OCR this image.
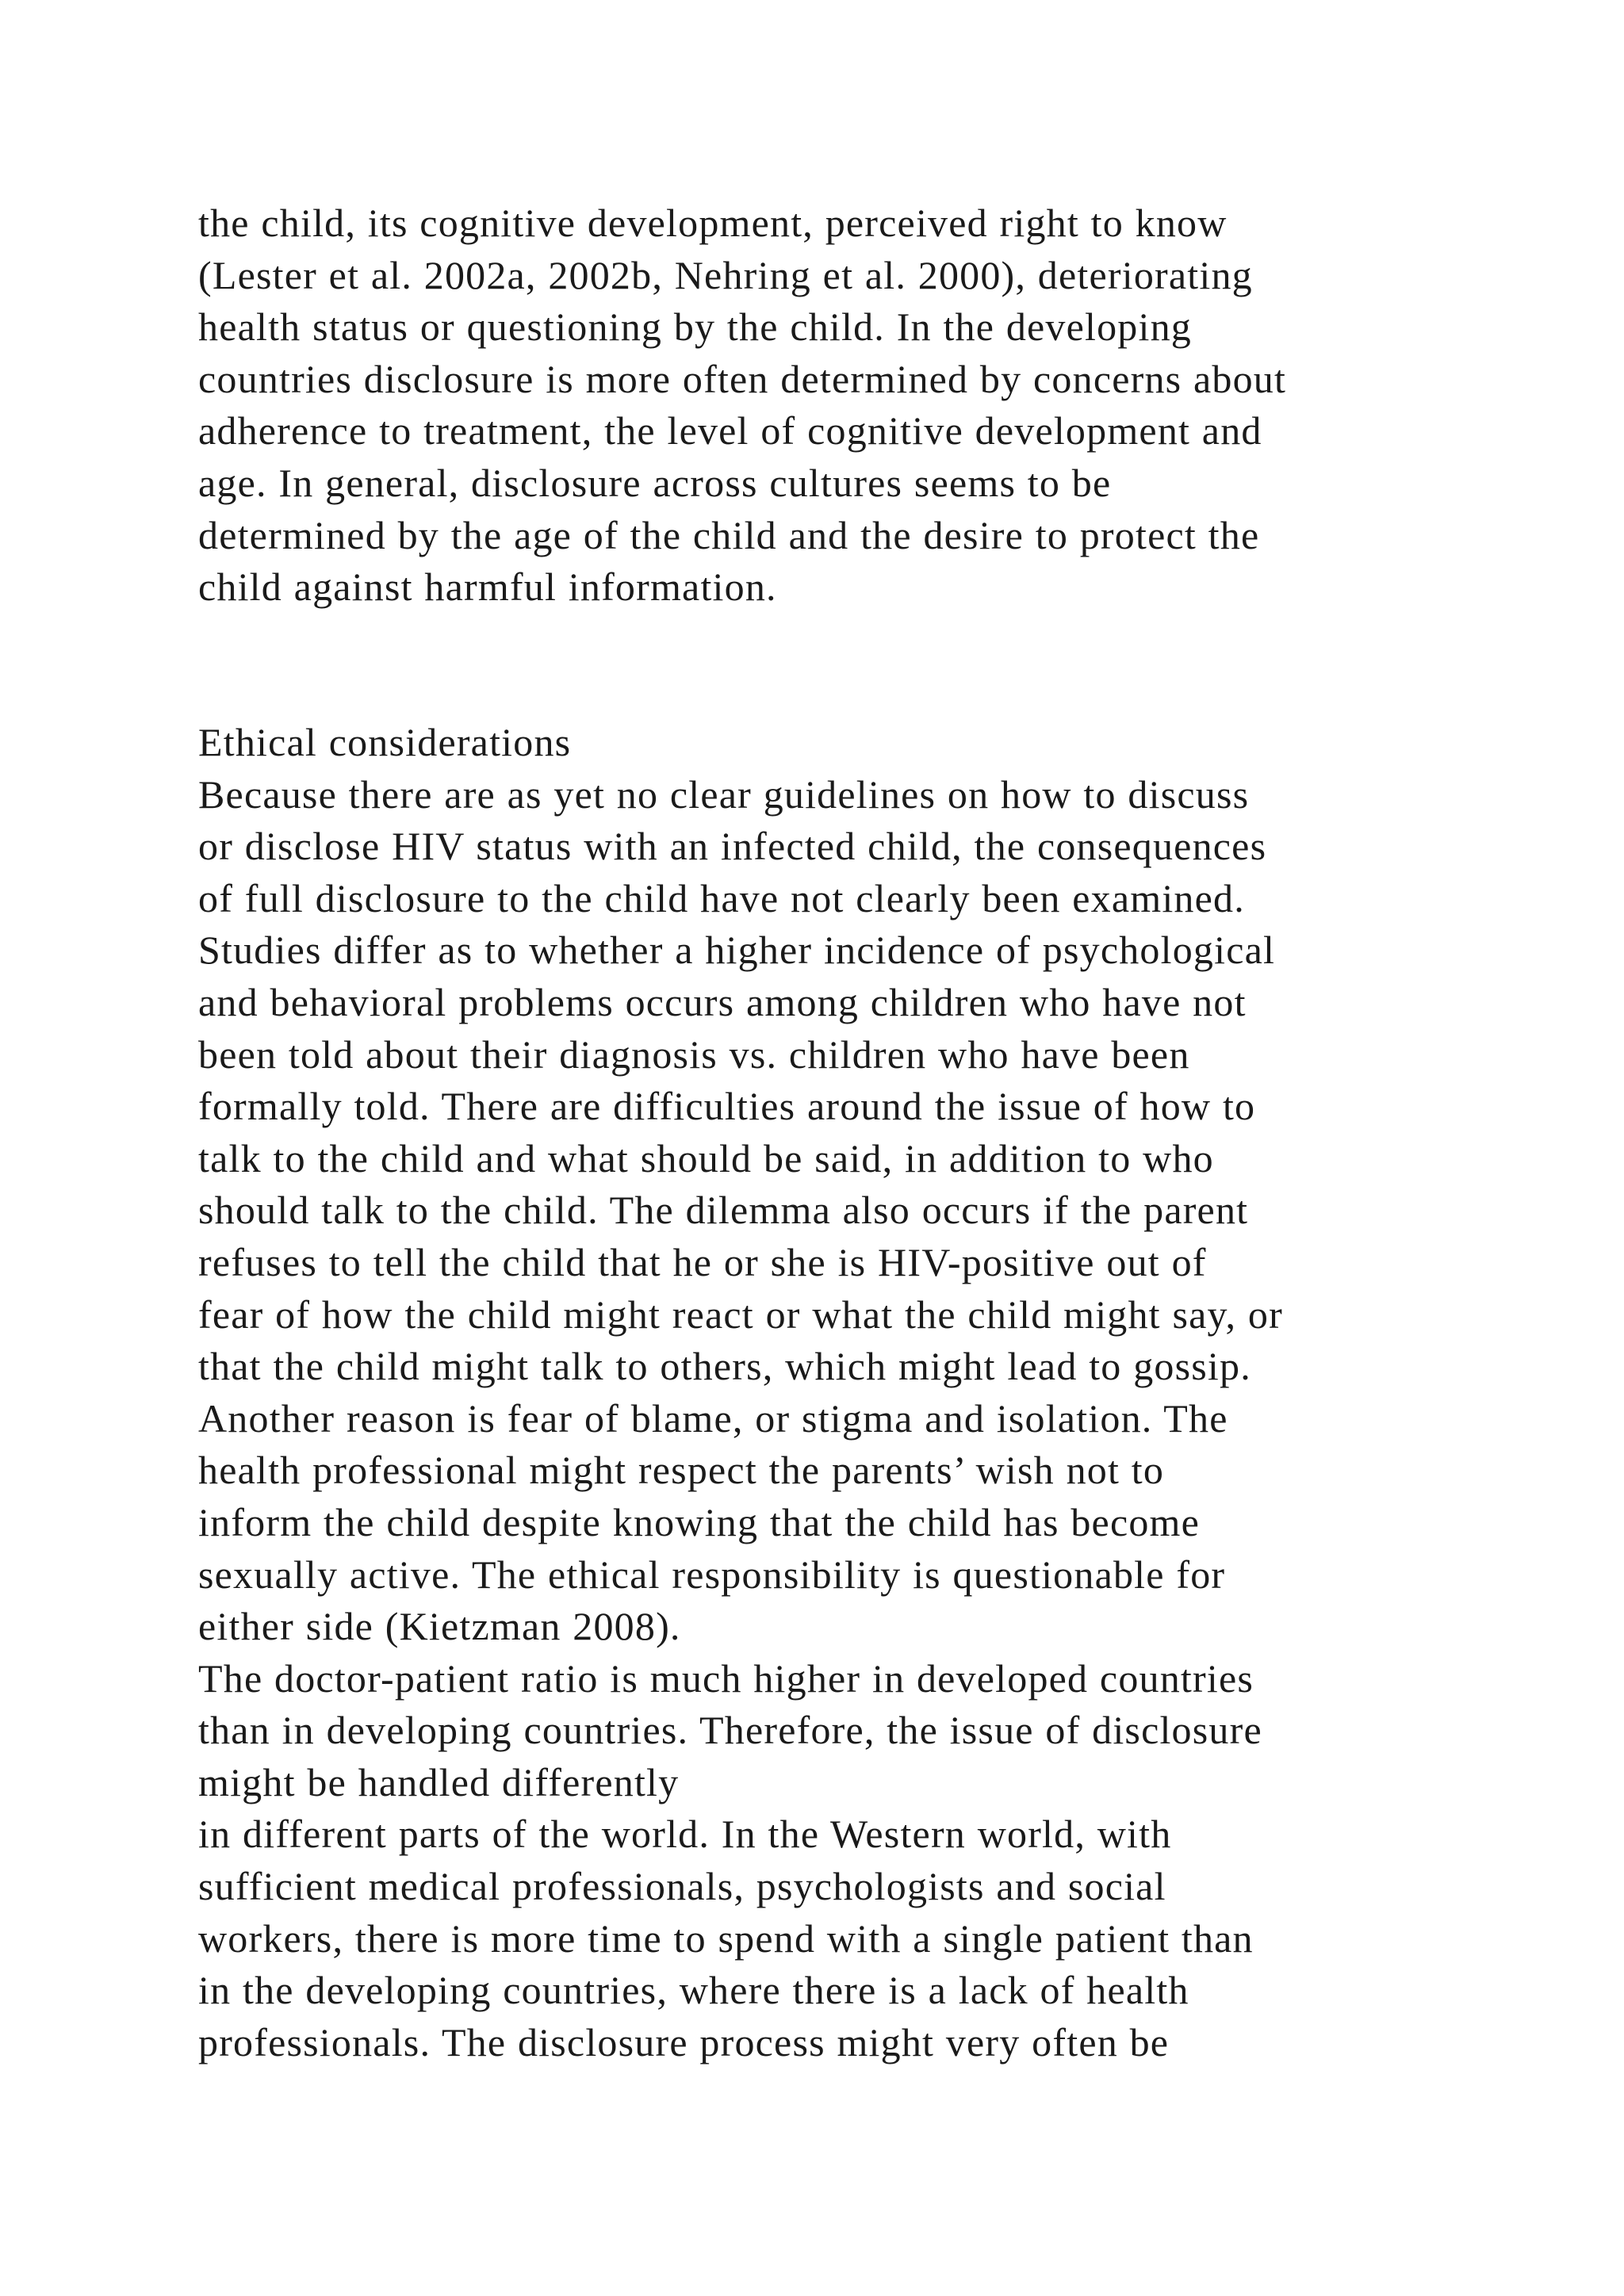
the child, its cognitive development, perceived right to know
(Lester et al. 2002a, 2002b, Nehring et al. 2000), deteriorating
health status or questioning by the child. In the developing
countries disclosure is more often determined by concerns about
adherence to treatment, the level of cognitive development and
age. In general, disclosure across cultures seems to be
determined by the age of the child and the desire to protect the
child against harmful information.
Ethical considerations
Because there are as yet no clear guidelines on how to discuss
or disclose HIV status with an infected child, the consequences
of full disclosure to the child have not clearly been examined.
Studies differ as to whether a higher incidence of psychological
and behavioral problems occurs among children who have not
been told about their diagnosis vs. children who have been
formally told. There are difficulties around the issue of how to
talk to the child and what should be said, in addition to who
should talk to the child. The dilemma also occurs if the parent
refuses to tell the child that he or she is HIV-positive out of
fear of how the child might react or what the child might say, or
that the child might talk to others, which might lead to gossip.
Another reason is fear of blame, or stigma and isolation. The
health professional might respect the parents’ wish not to
inform the child despite knowing that the child has become
sexually active. The ethical responsibility is questionable for
either side (Kietzman 2008).
The doctor-patient ratio is much higher in developed countries
than in developing countries. Therefore, the issue of disclosure
might be handled differently
in different parts of the world. In the Western world, with
sufficient medical professionals, psychologists and social
workers, there is more time to spend with a single patient than
in the developing countries, where there is a lack of health
professionals. The disclosure process might very often be
